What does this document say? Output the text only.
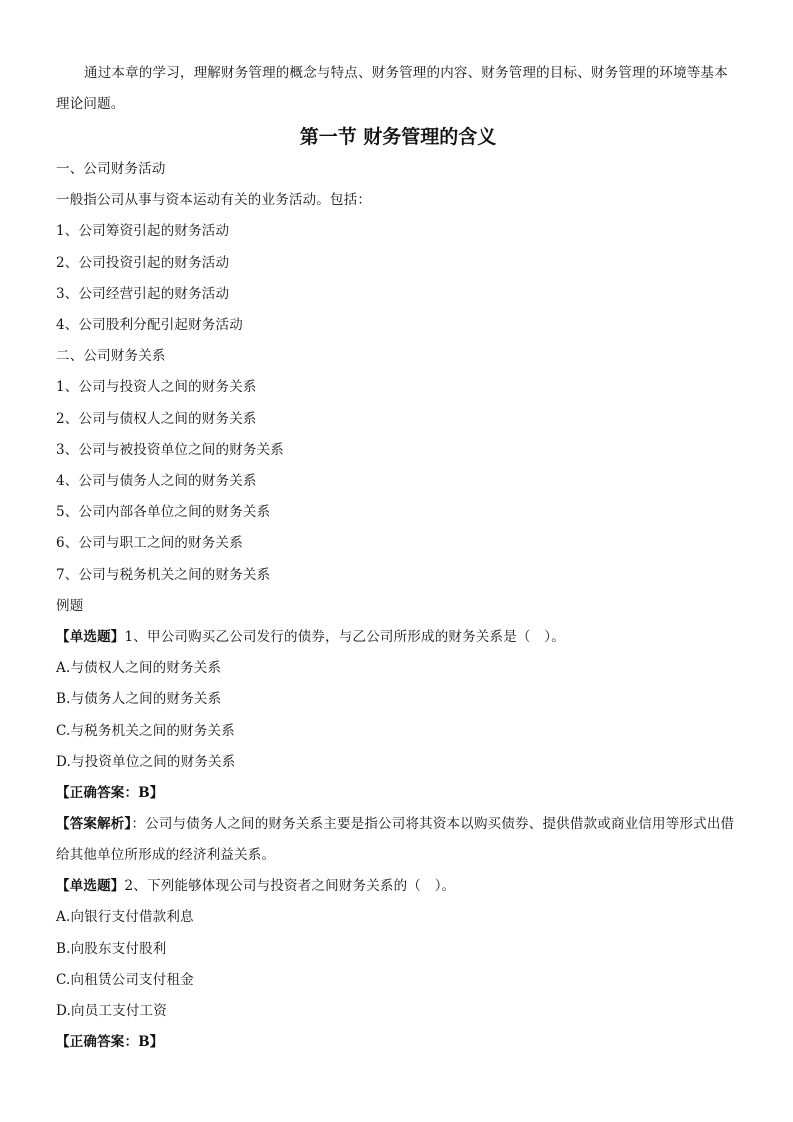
通过本章的学习，理解财务管理的概念与特点、财务管理的内容、财务管理的目标、财务管理的环境等基本理论问题。
第一节 财务管理的含义
一、公司财务活动
一般指公司从事与资本运动有关的业务活动。包括：
1、公司筹资引起的财务活动
2、公司投资引起的财务活动
3、公司经营引起的财务活动
4、公司股利分配引起财务活动
二、公司财务关系
1、公司与投资人之间的财务关系
2、公司与债权人之间的财务关系
3、公司与被投资单位之间的财务关系
4、公司与债务人之间的财务关系
5、公司内部各单位之间的财务关系
6、公司与职工之间的财务关系
7、公司与税务机关之间的财务关系
例题
【单选题】1、甲公司购买乙公司发行的债券，与乙公司所形成的财务关系是（　）。
A.与债权人之间的财务关系
B.与债务人之间的财务关系
C.与税务机关之间的财务关系
D.与投资单位之间的财务关系
【正确答案：B】
【答案解析】：公司与债务人之间的财务关系主要是指公司将其资本以购买债券、提供借款或商业信用等形式出借给其他单位所形成的经济利益关系。
【单选题】2、下列能够体现公司与投资者之间财务关系的（　）。
A.向银行支付借款利息
B.向股东支付股利
C.向租赁公司支付租金
D.向员工支付工资
【正确答案：B】
